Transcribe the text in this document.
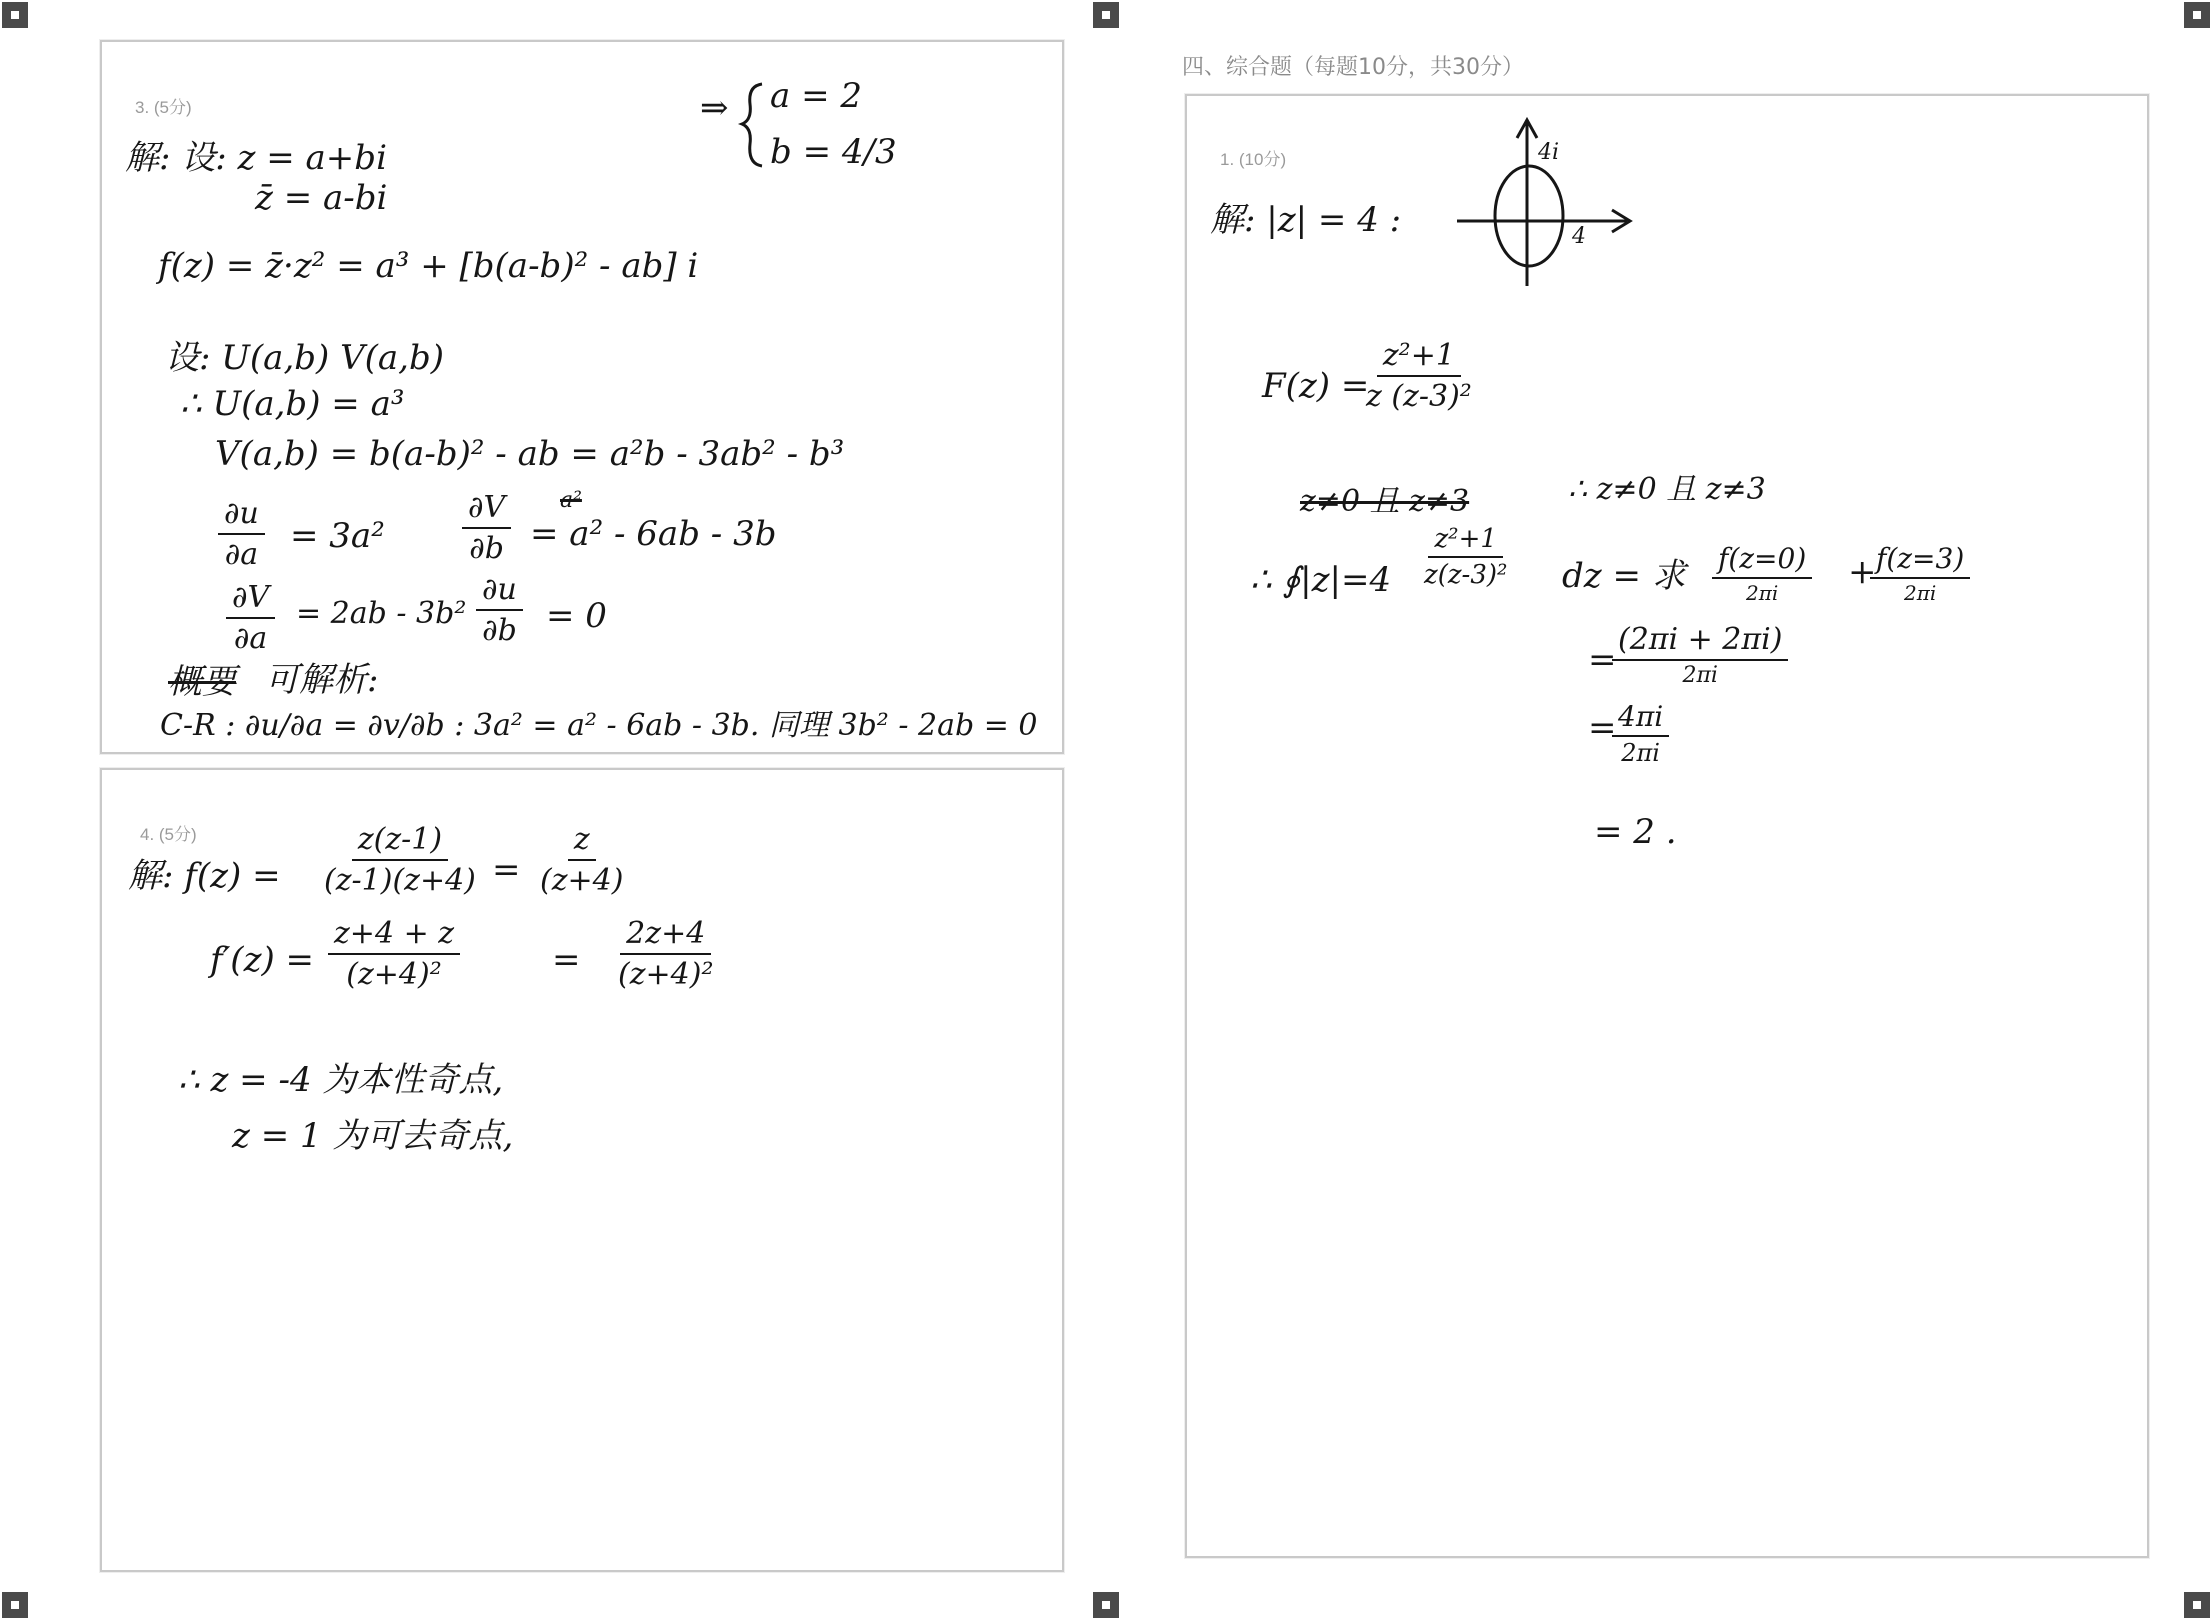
3. (5分)
解: 设: z = a+bi
z̄ = a-bi
⇒ a = 2
b = 4/3
f(z) = z̄·z² = a³ + [b(a-b)² - ab] i
设: U(a,b) V(a,b)
∴ U(a,b) = a³
V(a,b) = b(a-b)² - ab = a²b - 3ab² - b³
$\frac{\partial u}{\partial a} = 3a^2$
a²
$\frac{\partial V}{\partial b} = a^2 - 6ab - 3b$
$\frac{\partial V}{\partial a} = 2ab - 3b^2 \frac{\partial u}{\partial b} = 0$
概要 可解析:
C-R : ∂u/∂a = ∂v/∂b : 3a² = a² - 6ab - 3b. 同理 3b² - 2ab = 0
4. (5分)
解: $f(z) = \frac{z(z-1)}{(z-1)(z+4)} = \frac{z}{(z+4)}$
$f'(z) = \frac{z+4 + z}{\text{(z+4)²}}$	= $\frac{2z+4}{\text{(z+4)²}}$
∴ z = -4 为本性奇点,
z = 1 为可去奇点,
四、综合题（每题10分，共30分）
1. (10分)
解: |z| = 4 :
4i
4
F(z) =
$\frac{\text{z²+1}}{\text{z (z-3)²}}$
z≠0 且 z≠3	∴ z≠0 且 z≠3
∴ ∮|z|=4 $\frac{\text{z²+1}}{\text{z(z-3)²}}$ dz = 求 f(z=0)
2πi
+ f(z=3)
2πi
=
(2πi + 2πi)
2πi
=
$\frac{4\pi i}{2\pi i}$
= 2 .
